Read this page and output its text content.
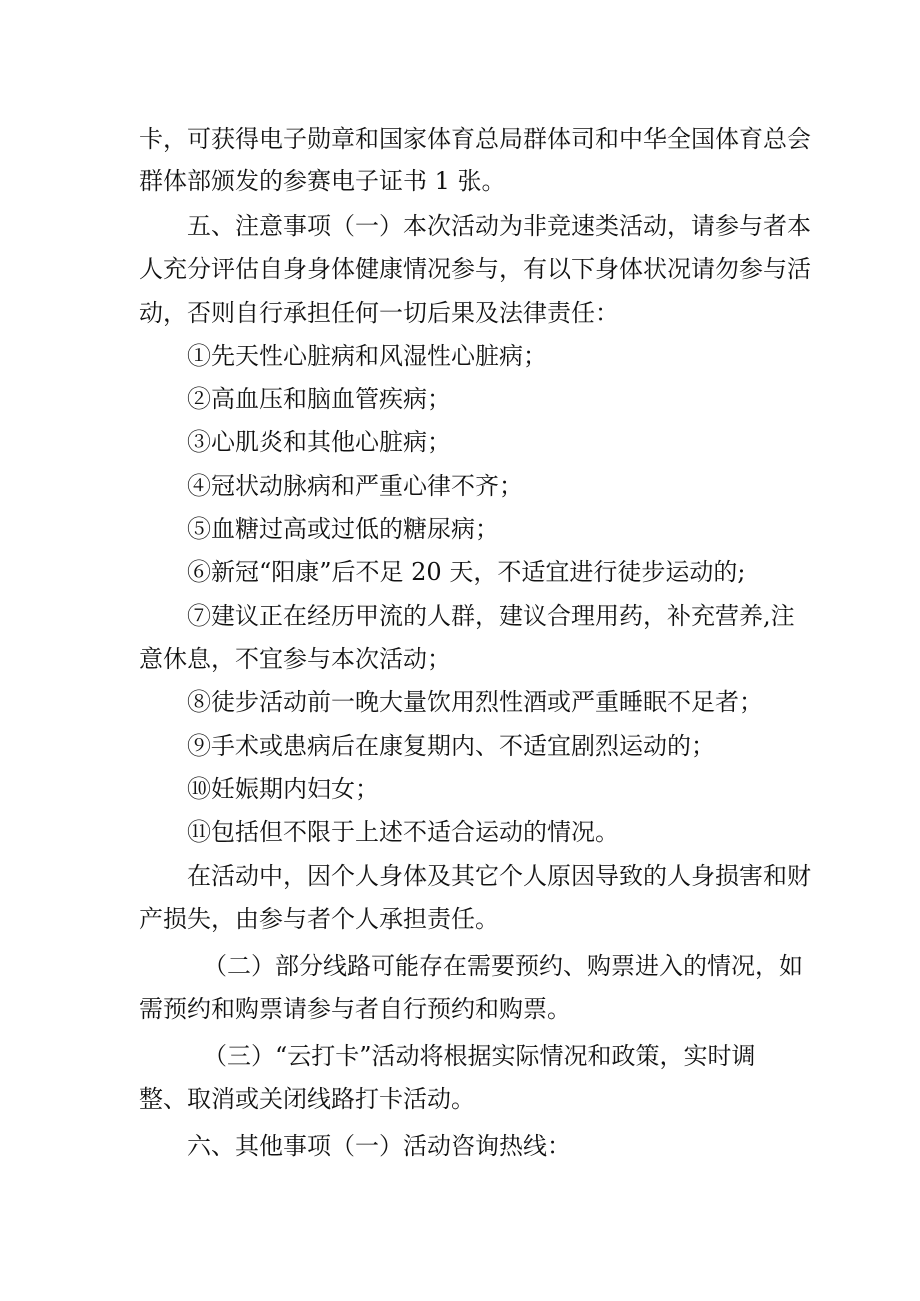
卡，可获得电子勋章和国家体育总局群体司和中华全国体育总会
群体部颁发的参赛电子证书 1 张。
五、注意事项（一）本次活动为非竞速类活动，请参与者本
人充分评估自身身体健康情况参与，有以下身体状况请勿参与活
动，否则自行承担任何一切后果及法律责任：
①先天性心脏病和风湿性心脏病；
②高血压和脑血管疾病；
③心肌炎和其他心脏病；
④冠状动脉病和严重心律不齐；
⑤血糖过高或过低的糖尿病；
⑥新冠“阳康”后不足 20 天，不适宜进行徒步运动的;
⑦建议正在经历甲流的人群，建议合理用药，补充营养,注
意休息，不宜参与本次活动；
⑧徒步活动前一晚大量饮用烈性酒或严重睡眠不足者；
⑨手术或患病后在康复期内、不适宜剧烈运动的；
⑩妊娠期内妇女；
⑪包括但不限于上述不适合运动的情况。
在活动中，因个人身体及其它个人原因导致的人身损害和财
产损失，由参与者个人承担责任。
（二）部分线路可能存在需要预约、购票进入的情况，如
需预约和购票请参与者自行预约和购票。
（三）“云打卡”活动将根据实际情况和政策，实时调
整、取消或关闭线路打卡活动。
六、其他事项（一）活动咨询热线：
